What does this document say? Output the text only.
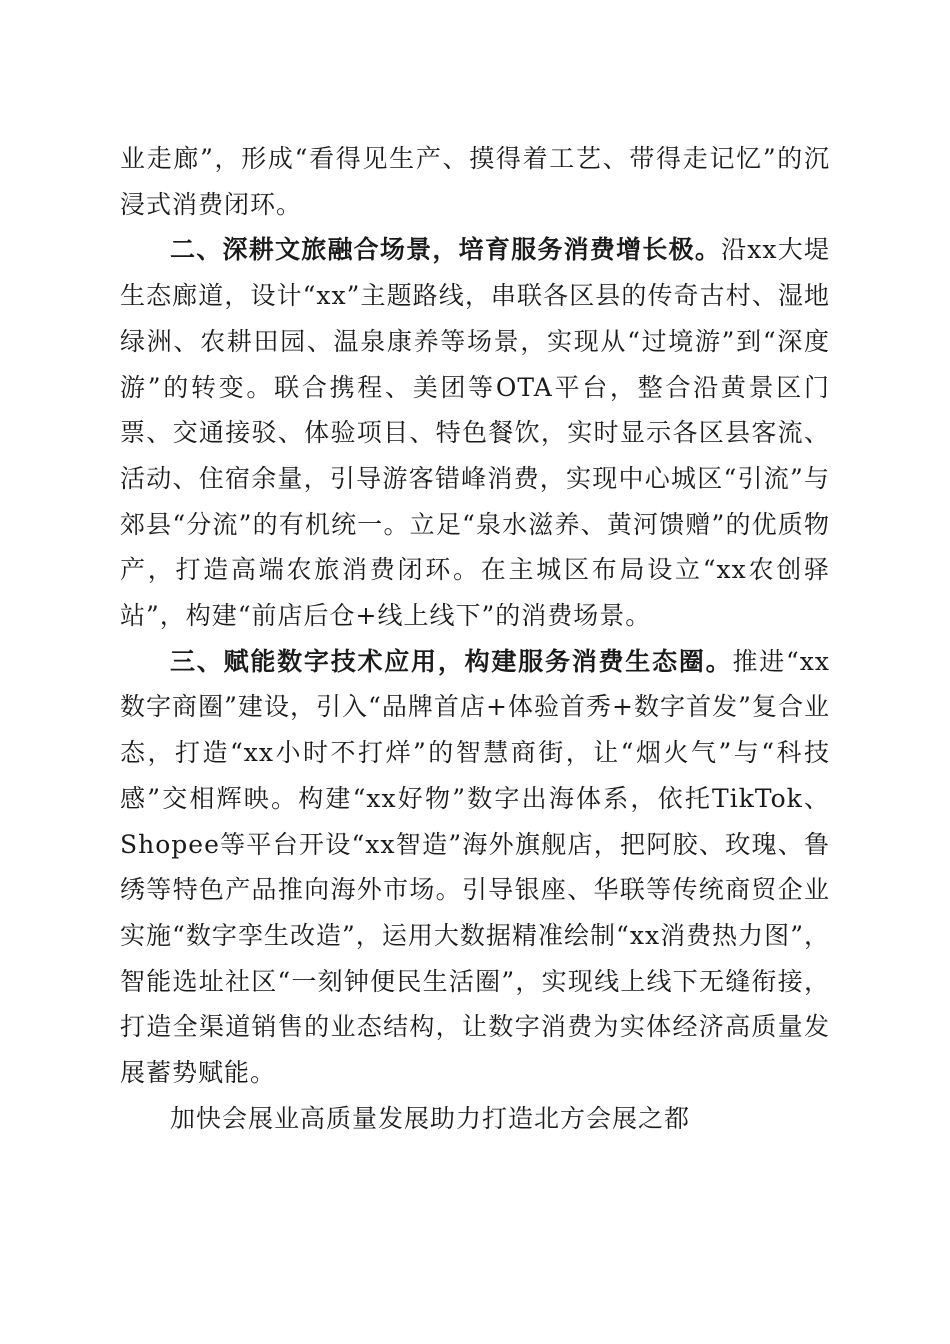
业走廊”，形成“看得见生产、摸得着工艺、带得走记忆”的沉浸式消费闭环。

二、深耕文旅融合场景，培育服务消费增长极。沿xx大堤生态廊道，设计“xx”主题路线，串联各区县的传奇古村、湿地绿洲、农耕田园、温泉康养等场景，实现从“过境游”到“深度游”的转变。联合携程、美团等OTA平台，整合沿黄景区门票、交通接驳、体验项目、特色餐饮，实时显示各区县客流、活动、住宿余量，引导游客错峰消费，实现中心城区“引流”与郊县“分流”的有机统一。立足“泉水滋养、黄河馈赠”的优质物产，打造高端农旅消费闭环。在主城区布局设立“xx农创驿站”，构建“前店后仓+线上线下”的消费场景。

三、赋能数字技术应用，构建服务消费生态圈。推进“xx数字商圈”建设，引入“品牌首店+体验首秀+数字首发”复合业态，打造“xx小时不打烊”的智慧商街，让“烟火气”与“科技感”交相辉映。构建“xx好物”数字出海体系，依托TikTok、Shopee等平台开设“xx智造”海外旗舰店，把阿胶、玫瑰、鲁绣等特色产品推向海外市场。引导银座、华联等传统商贸企业实施“数字孪生改造”，运用大数据精准绘制“xx消费热力图”，智能选址社区“一刻钟便民生活圈”，实现线上线下无缝衔接，打造全渠道销售的业态结构，让数字消费为实体经济高质量发展蓄势赋能。

加快会展业高质量发展助力打造北方会展之都
